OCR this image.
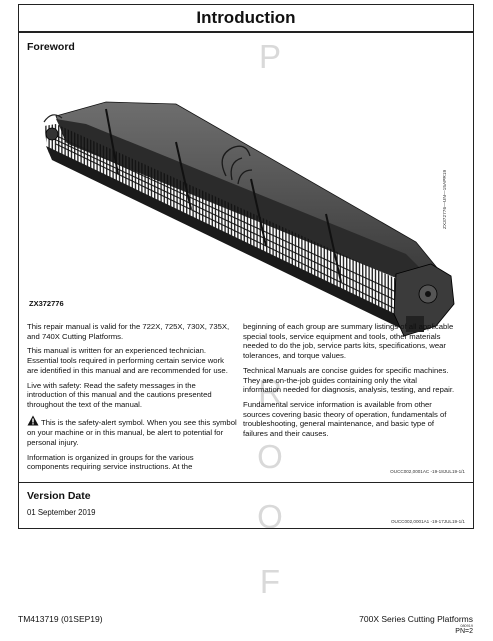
P
R
O
O
F
Introduction
Foreword
ZX372776
ZX372776—UN—15APR19

This repair manual is valid for the 722X, 725X, 730X, 735X, and 740X Cutting Platforms.

This manual is written for an experienced technician. Essential tools required in performing certain service work are identified in this manual and are recommended for use.

Live with safety: Read the safety messages in the introduction of this manual and the cautions presented throughout the text of the manual.

This is the safety-alert symbol. When you see this symbol on your machine or in this manual, be alert to potential for personal injury.

Information is organized in groups for the various components requiring service instructions. At the

beginning of each group are summary listings of all applicable special tools, service equipment and tools, other materials needed to do the job, service parts kits, specifications, wear tolerances, and torque values.

Technical Manuals are concise guides for specific machines. They are on-the-job guides containing only the vital information needed for diagnosis, analysis, testing, and repair.

Fundamental service information is available from other sources covering basic theory of operation, fundamentals of troubleshooting, general maintenance, and basic type of failures and their causes.

OUCC002,0001AC -19-18JUL19-1/1
Version Date
01 September 2019
OUCC002,0001A1 -19-17JUL19-1/1
TM413719 (01SEP19)	700X Series Cutting Platforms
080919
PN=2
